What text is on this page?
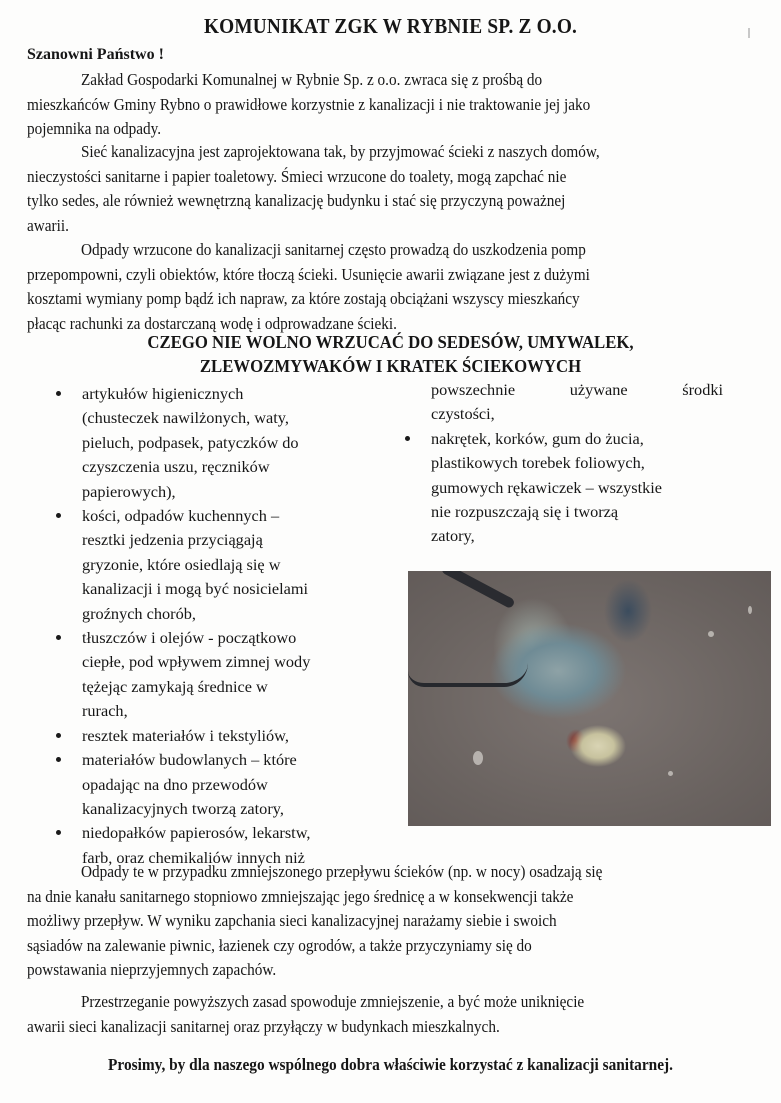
KOMUNIKAT ZGK W RYBNIE SP. Z O.O.
Szanowni Państwo !
Zakład Gospodarki Komunalnej w Rybnie Sp. z o.o. zwraca się z prośbą do
mieszkańców Gminy Rybno o prawidłowe korzystnie z kanalizacji i nie traktowanie jej jako
pojemnika na odpady.
Sieć kanalizacyjna jest zaprojektowana tak, by przyjmować ścieki z naszych domów,
nieczystości sanitarne i papier toaletowy. Śmieci wrzucone do toalety, mogą zapchać nie
tylko sedes, ale również wewnętrzną kanalizację budynku i stać się przyczyną poważnej
awarii.
Odpady wrzucone do kanalizacji sanitarnej często prowadzą do uszkodzenia pomp
przepompowni, czyli obiektów, które tłoczą ścieki. Usunięcie awarii związane jest z dużymi
kosztami wymiany pomp bądź ich napraw, za które zostają obciążani wszyscy mieszkańcy
płacąc rachunki za dostarczaną wodę i odprowadzane ścieki.
CZEGO NIE WOLNO WRZUCAĆ DO SEDESÓW, UMYWALEK,
ZLEWOZMYWAKÓW I KRATEK ŚCIEKOWYCH
artykułów higienicznych
(chusteczek nawilżonych, waty,
pieluch, podpasek, patyczków do
czyszczenia uszu, ręczników
papierowych),
kości, odpadów kuchennych –
resztki jedzenia przyciągają
gryzonie, które osiedlają się w
kanalizacji i mogą być nosicielami
groźnych chorób,
tłuszczów i olejów - początkowo
ciepłe, pod wpływem zimnej wody
tężejąc zamykają średnice w
rurach,
resztek materiałów i tekstyliów,
materiałów budowlanych – które
opadając na dno przewodów
kanalizacyjnych tworzą zatory,
niedopałków papierosów, lekarstw,
farb, oraz chemikaliów innych niż
powszechnie	używane	środki
czystości,
nakrętek, korków, gum do żucia,
plastikowych torebek foliowych,
gumowych rękawiczek – wszystkie
nie rozpuszczają się i tworzą
zatory,
Odpady te w przypadku zmniejszonego przepływu ścieków (np. w nocy) osadzają się
na dnie kanału sanitarnego stopniowo zmniejszając jego średnicę a w konsekwencji także
możliwy przepływ. W wyniku zapchania sieci kanalizacyjnej narażamy siebie i swoich
sąsiadów na zalewanie piwnic, łazienek czy ogrodów, a także przyczyniamy się do
powstawania nieprzyjemnych zapachów.
Przestrzeganie powyższych zasad spowoduje zmniejszenie, a być może uniknięcie
awarii sieci kanalizacji sanitarnej oraz przyłączy w budynkach mieszkalnych.
Prosimy, by dla naszego wspólnego dobra właściwie korzystać z kanalizacji sanitarnej.
